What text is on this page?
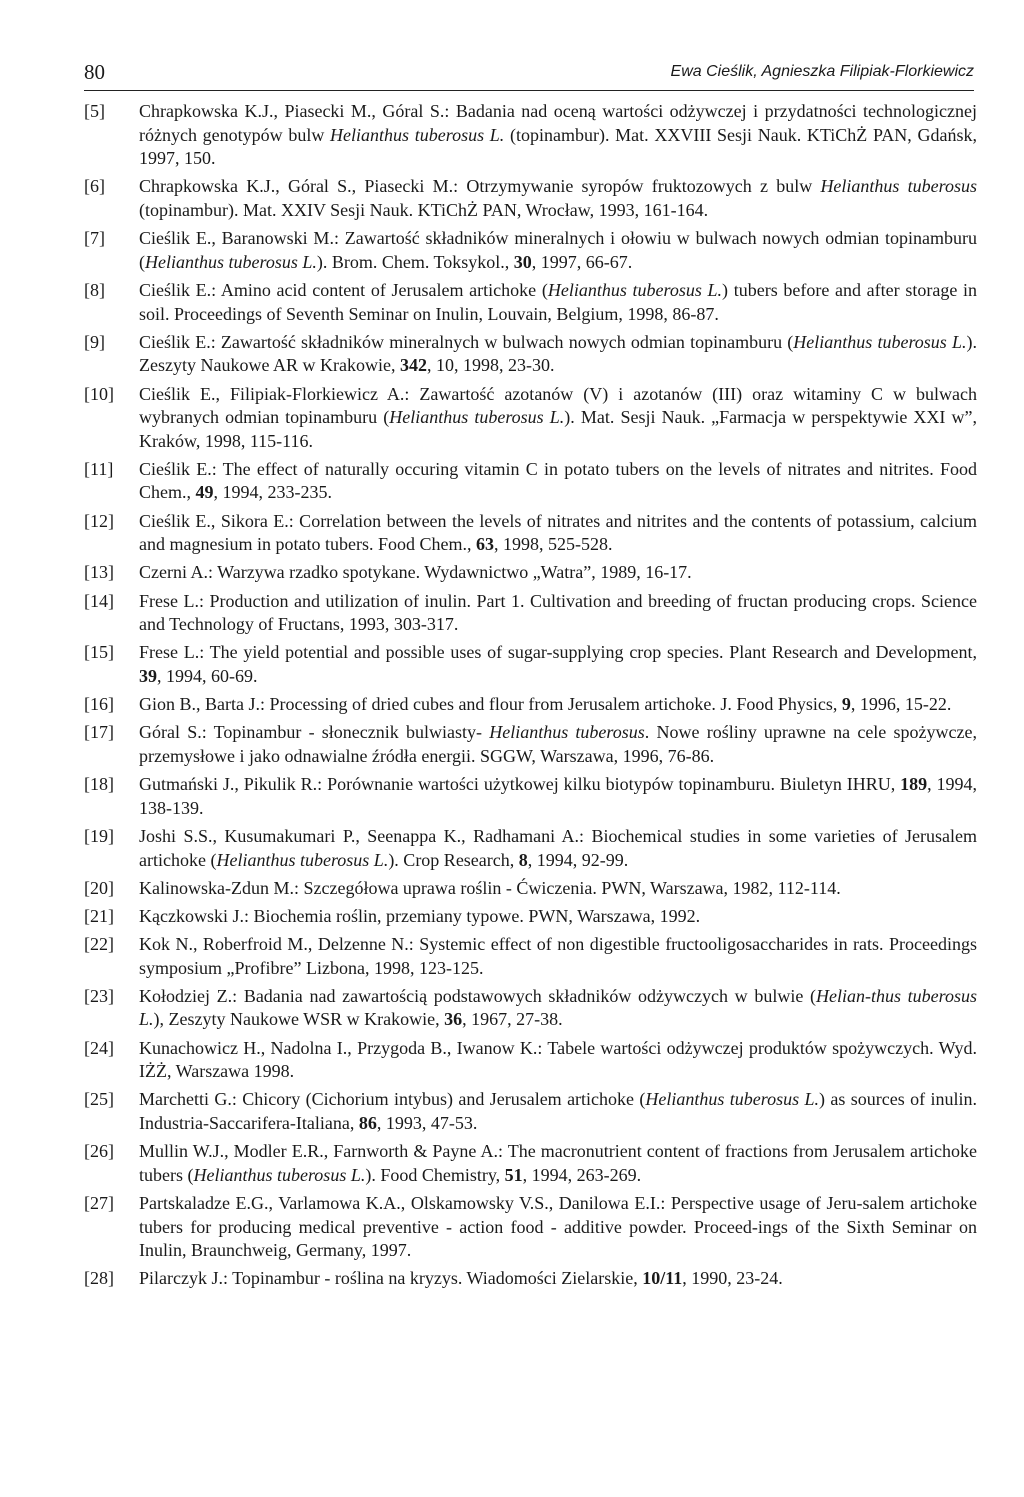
80	Ewa Cieślik, Agnieszka Filipiak-Florkiewicz
[5] Chrapkowska K.J., Piasecki M., Góral S.: Badania nad oceną wartości odżywczej i przydatności technologicznej różnych genotypów bulw Helianthus tuberosus L. (topinambur). Mat. XXVIII Sesji Nauk. KTiChŻ PAN, Gdańsk, 1997, 150.
[6] Chrapkowska K.J., Góral S., Piasecki M.: Otrzymywanie syropów fruktozowych z bulw Helianthus tuberosus (topinambur). Mat. XXIV Sesji Nauk. KTiChŻ PAN, Wrocław, 1993, 161-164.
[7] Cieślik E., Baranowski M.: Zawartość składników mineralnych i ołowiu w bulwach nowych odmian topinamburu (Helianthus tuberosus L.). Brom. Chem. Toksykol., 30, 1997, 66-67.
[8] Cieślik E.: Amino acid content of Jerusalem artichoke (Helianthus tuberosus L.) tubers before and after storage in soil. Proceedings of Seventh Seminar on Inulin, Louvain, Belgium, 1998, 86-87.
[9] Cieślik E.: Zawartość składników mineralnych w bulwach nowych odmian topinamburu (Helianthus tuberosus L.). Zeszyty Naukowe AR w Krakowie, 342, 10, 1998, 23-30.
[10] Cieślik E., Filipiak-Florkiewicz A.: Zawartość azotanów (V) i azotanów (III) oraz witaminy C w bulwach wybranych odmian topinamburu (Helianthus tuberosus L.). Mat. Sesji Nauk. „Farmacja w perspektywie XXI w”, Kraków, 1998, 115-116.
[11] Cieślik E.: The effect of naturally occuring vitamin C in potato tubers on the levels of nitrates and nitrites. Food Chem., 49, 1994, 233-235.
[12] Cieślik E., Sikora E.: Correlation between the levels of nitrates and nitrites and the contents of potassium, calcium and magnesium in potato tubers. Food Chem., 63, 1998, 525-528.
[13] Czerni A.: Warzywa rzadko spotykane. Wydawnictwo „Watra”, 1989, 16-17.
[14] Frese L.: Production and utilization of inulin. Part 1. Cultivation and breeding of fructan producing crops. Science and Technology of Fructans, 1993, 303-317.
[15] Frese L.: The yield potential and possible uses of sugar-supplying crop species. Plant Research and Development, 39, 1994, 60-69.
[16] Gion B., Barta J.: Processing of dried cubes and flour from Jerusalem artichoke. J. Food Physics, 9, 1996, 15-22.
[17] Góral S.: Topinambur - słonecznik bulwiasty- Helianthus tuberosus. Nowe rośliny uprawne na cele spożywcze, przemysłowe i jako odnawialne źródła energii. SGGW, Warszawa, 1996, 76-86.
[18] Gutmański J., Pikulik R.: Porównanie wartości użytkowej kilku biotypów topinamburu. Biuletyn IHRU, 189, 1994, 138-139.
[19] Joshi S.S., Kusumakumari P., Seenappa K., Radhamani A.: Biochemical studies in some varieties of Jerusalem artichoke (Helianthus tuberosus L.). Crop Research, 8, 1994, 92-99.
[20] Kalinowska-Zdun M.: Szczegółowa uprawa roślin - Ćwiczenia. PWN, Warszawa, 1982, 112-114.
[21] Kączkowski J.: Biochemia roślin, przemiany typowe. PWN, Warszawa, 1992.
[22] Kok N., Roberfroid M., Delzenne N.: Systemic effect of non digestible fructooligosaccharides in rats. Proceedings symposium „Profibre” Lizbona, 1998, 123-125.
[23] Kołodziej Z.: Badania nad zawartością podstawowych składników odżywczych w bulwie (Helian-thus tuberosus L.), Zeszyty Naukowe WSR w Krakowie, 36, 1967, 27-38.
[24] Kunachowicz H., Nadolna I., Przygoda B., Iwanow K.: Tabele wartości odżywczej produktów spożywczych. Wyd. IŻŻ, Warszawa 1998.
[25] Marchetti G.: Chicory (Cichorium intybus) and Jerusalem artichoke (Helianthus tuberosus L.) as sources of inulin. Industria-Saccarifera-Italiana, 86, 1993, 47-53.
[26] Mullin W.J., Modler E.R., Farnworth & Payne A.: The macronutrient content of fractions from Jerusalem artichoke tubers (Helianthus tuberosus L.). Food Chemistry, 51, 1994, 263-269.
[27] Partskaladze E.G., Varlamowa K.A., Olskamowsky V.S., Danilowa E.I.: Perspective usage of Jeru-salem artichoke tubers for producing medical preventive - action food - additive powder. Proceed-ings of the Sixth Seminar on Inulin, Braunchweig, Germany, 1997.
[28] Pilarczyk J.: Topinambur - roślina na kryzys. Wiadomości Zielarskie, 10/11, 1990, 23-24.
